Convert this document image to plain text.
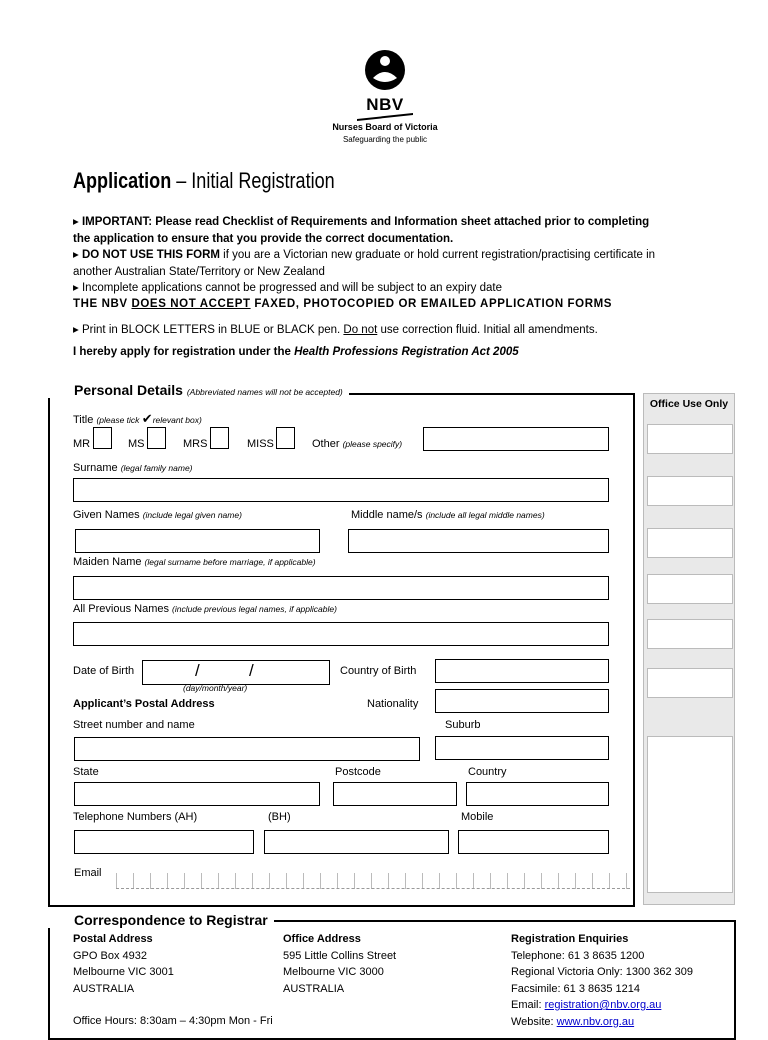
NBV
Nurses Board of Victoria
Safeguarding the public
Application – Initial Registration
▸ IMPORTANT: Please read Checklist of Requirements and Information sheet attached prior to completing
the application to ensure that you provide the correct documentation.
▸ DO NOT USE THIS FORM if you are a Victorian new graduate or hold current registration/practising certificate in
another Australian State/Territory or New Zealand
▸ Incomplete applications cannot be progressed and will be subject to an expiry date
THE NBV DOES NOT ACCEPT FAXED, PHOTOCOPIED OR EMAILED APPLICATION FORMS
▸ Print in BLOCK LETTERS in BLUE or BLACK pen. Do not use correction fluid. Initial all amendments.
I hereby apply for registration under the Health Professions Registration Act 2005
Personal Details (Abbreviated names will not be accepted)
Title (please tick ✔relevant box)
MR	MS	MRS	MISS	Other (please specify)
Surname (legal family name)
Given Names (include legal given name)	Middle name/s (include all legal middle names)
Maiden Name (legal surname before marriage, if applicable)
All Previous Names (include previous legal names, if applicable)
Date of Birth	/	/
(day/month/year)
Country of Birth
Applicant’s Postal Address	Nationality
Street number and name	Suburb
State	Postcode	Country
Telephone Numbers (AH)	(BH)	Mobile
Email
Office Use Only
Correspondence to Registrar
Postal Address
GPO Box 4932
Melbourne VIC 3001
AUSTRALIA
Office Hours: 8:30am – 4:30pm Mon - Fri
Office Address
595 Little Collins Street
Melbourne VIC 3000
AUSTRALIA
Registration Enquiries
Telephone: 61 3 8635 1200
Regional Victoria Only: 1300 362 309
Facsimile: 61 3 8635 1214
Email: registration@nbv.org.au
Website: www.nbv.org.au
